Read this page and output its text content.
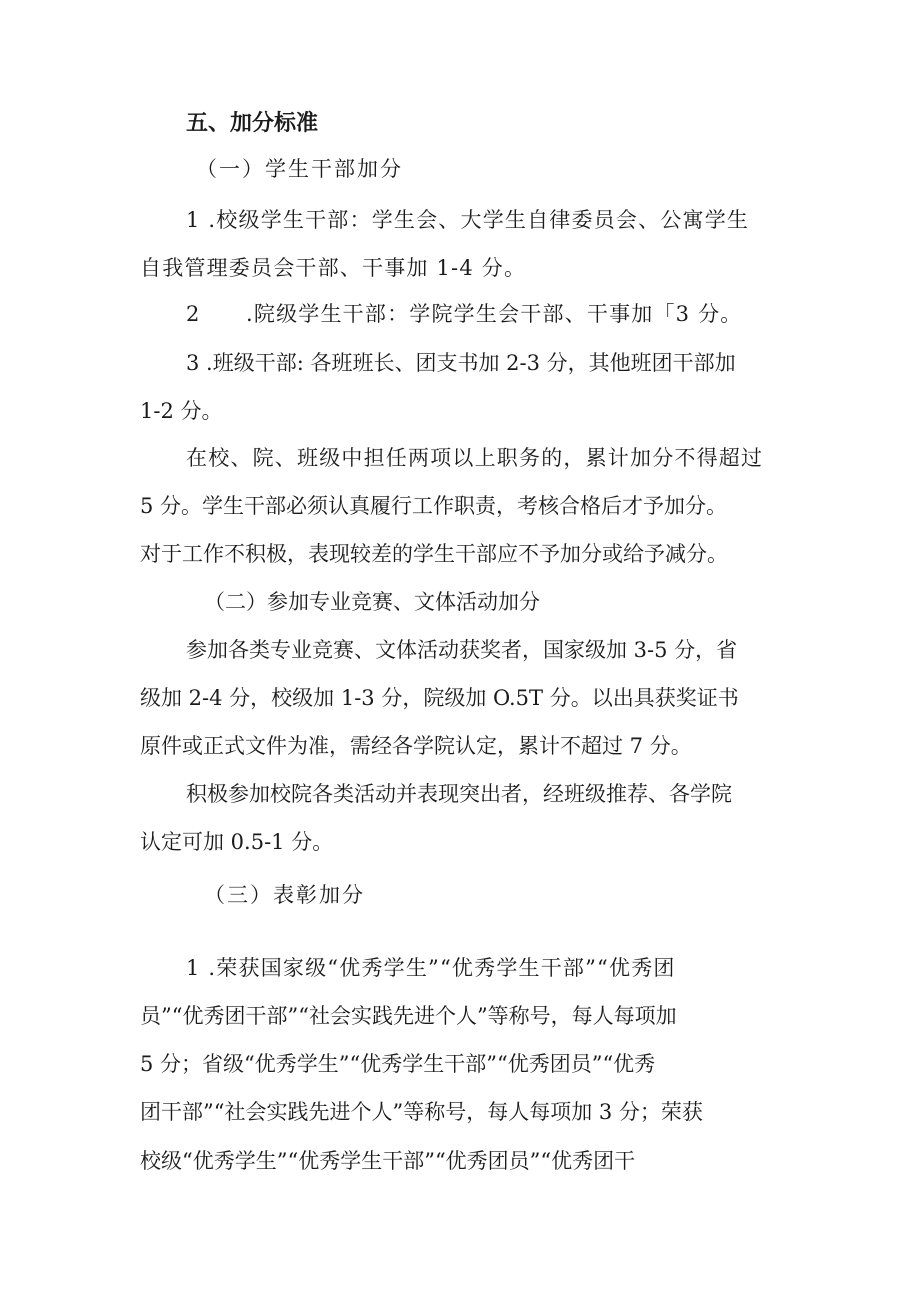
五、加分标准
（一）学生干部加分
1 .校级学生干部：学生会、大学生自律委员会、公寓学生
自我管理委员会干部、干事加 1-4 分。
2 .院级学生干部：学院学生会干部、干事加「3 分。
3 .班级干部: 各班班长、团支书加 2-3 分，其他班团干部加
1-2 分。
在校、院、班级中担任两项以上职务的，累计加分不得超过
5 分。学生干部必须认真履行工作职责，考核合格后才予加分。
对于工作不积极，表现较差的学生干部应不予加分或给予减分。
（二）参加专业竞赛、文体活动加分
参加各类专业竞赛、文体活动获奖者，国家级加 3-5 分，省
级加 2-4 分，校级加 1-3 分，院级加 O.5T 分。以出具获奖证书
原件或正式文件为准，需经各学院认定，累计不超过 7 分。
积极参加校院各类活动并表现突出者，经班级推荐、各学院
认定可加 0.5-1 分。
（三）表彰加分
1 .荣获国家级“优秀学生”“优秀学生干部”“优秀团
员”“优秀团干部”“社会实践先进个人”等称号，每人每项加
5 分；省级“优秀学生”“优秀学生干部”“优秀团员”“优秀
团干部”“社会实践先进个人”等称号，每人每项加 3 分；荣获
校级“优秀学生”“优秀学生干部”“优秀团员”“优秀团干
